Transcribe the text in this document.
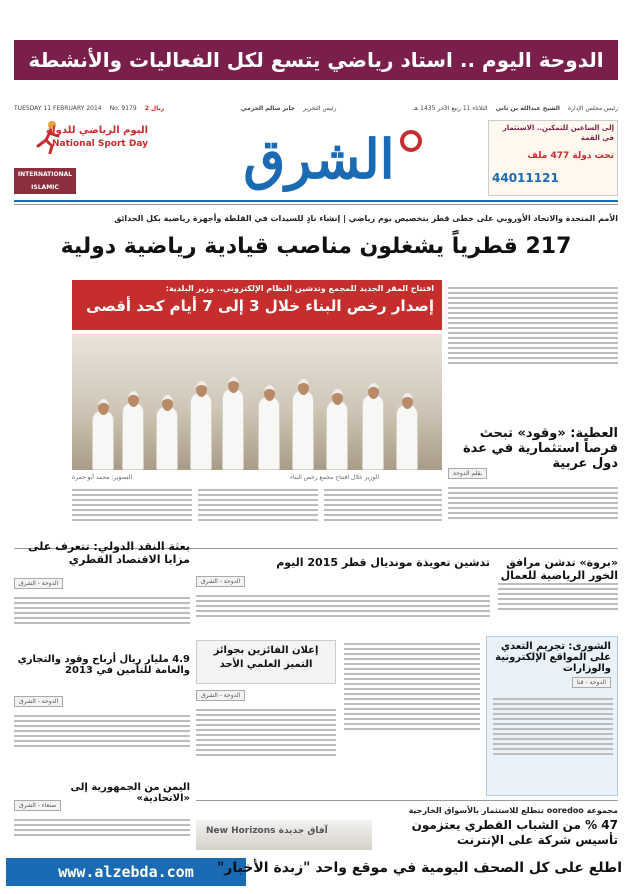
الدوحة اليوم .. استاد رياضي يتسع لكل الفعاليات والأنشطة
رئيس مجلس الإدارة
الشيخ عبدالله بن ثاني
الثلاثاء 11 ربيع الآخر 1435 هـ
رئيس التحرير
جابر سالم الحرمي
TUESDAY 11 FEBRUARY 2014 No. 9179 ريال 2
إلى الساعين للتمكين.. الاستثمار في القمة
تحت دولة 477 ملف
44011121
الشرق
اليوم الرياضي للدولة
National Sport Day
INTERNATIONAL ISLAMIC
الأمم المتحدة والاتحاد الأوروبي على خطى قطر بتخصيص يوم رياضي | إنشاء نادٍ للسيدات في القلطة وأجهزة رياضية بكل الحدائق
217 قطرياً يشغلون مناصب قيادية رياضية دولية
افتتاح المقر الجديد للمجمع وتدشين النظام الإلكتروني.. وزير البلدية:
إصدار رخص البناء خلال 3 إلى 7 أيام كحد أقصى
التصوير: محمد أبو حمرة	الوزير خلال افتتاح مجمع رخص البناء
العطية: «وقود» تبحث فرصاً استثمارية في عدة دول عربية
بقلم الدوحة
«بروة» تدشن مرافق الخور الرياضية للعمال
تدشين تعويذة مونديال قطر 2015 اليوم
الدوحة - الشرق
بعثة النقد الدولي: تتعرف على مزايا الاقتصاد القطري
الدوحة - الشرق
الشورى: تجريم التعدي على المواقع الإلكترونية والوزارات
الدوحة - قنا
إعلان الفائزين بجوائز التميز العلمي الأحد
الدوحة - الشرق
4.9 مليار ريال أرباح وقود والتجاري والعامة للتأمين في 2013
الدوحة - الشرق
مجموعة ooredoo تتطلع للاستثمار بالأسواق الخارجية
47 % من الشباب القطري يعتزمون تأسيس شركة على الإنترنت
آفاق جديدة New Horizons
اليمن من الجمهورية إلى «الاتحادية»
صنعاء - الشرق
www.alzebda.com	اطلع على كل الصحف اليومية في موقع واحد "زبدة الأخبار"
